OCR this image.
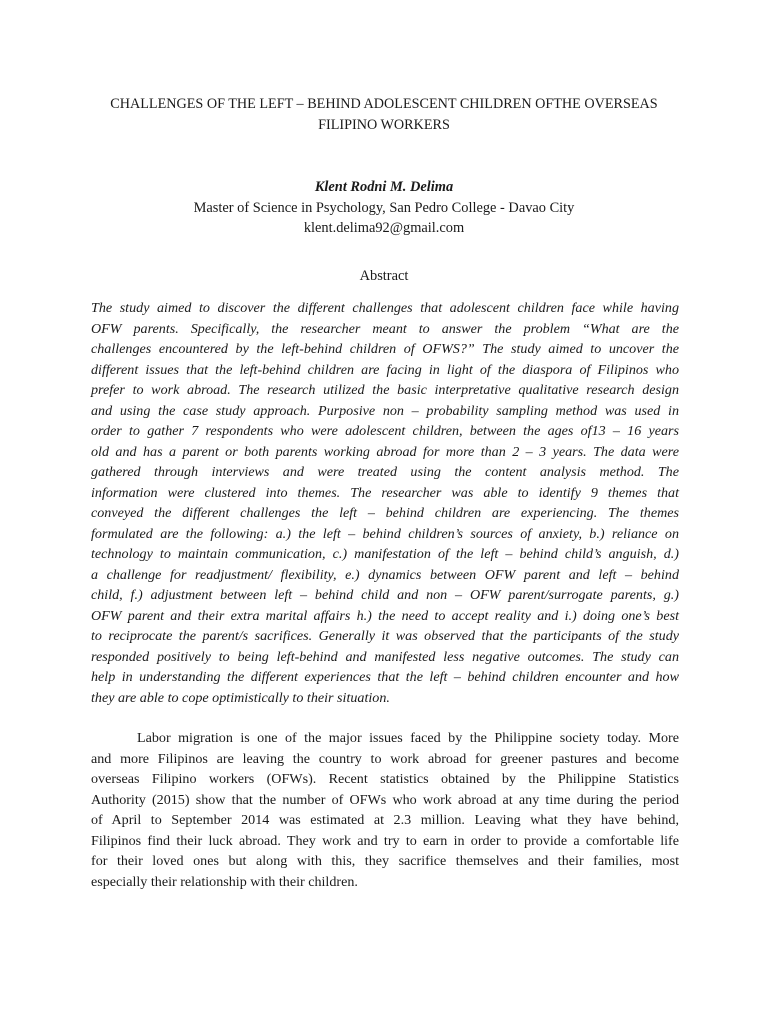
CHALLENGES OF THE LEFT – BEHIND ADOLESCENT CHILDREN OFTHE OVERSEAS
FILIPINO WORKERS
Klent Rodni M. Delima
Master of Science in Psychology, San Pedro College - Davao City
klent.delima92@gmail.com
Abstract
The study aimed to discover the different challenges that adolescent children face while having
OFW parents. Specifically, the researcher meant to answer the problem “What are the
challenges encountered by the left-behind children of OFWS?” The study aimed to uncover the
different issues that the left-behind children are facing in light of the diaspora of Filipinos who
prefer to work abroad. The research utilized the basic interpretative qualitative research design
and using the case study approach. Purposive non – probability sampling method was used in
order to gather 7 respondents who were adolescent children, between the ages of13 – 16 years
old and has a parent or both parents working abroad for more than 2 – 3 years. The data were
gathered through interviews and were treated using the content analysis method. The
information were clustered into themes. The researcher was able to identify 9 themes that
conveyed the different challenges the left – behind children are experiencing. The themes
formulated are the following: a.) the left – behind children’s sources of anxiety, b.) reliance on
technology to maintain communication, c.) manifestation of the left – behind child’s anguish, d.)
a challenge for readjustment/ flexibility, e.) dynamics between OFW parent and left – behind
child, f.) adjustment between left – behind child and non – OFW parent/surrogate parents, g.)
OFW parent and their extra marital affairs h.) the need to accept reality and i.) doing one’s best
to reciprocate the parent/s sacrifices. Generally it was observed that the participants of the study
responded positively to being left-behind and manifested less negative outcomes. The study can
help in understanding the different experiences that the left – behind children encounter and how
they are able to cope optimistically to their situation.
Labor migration is one of the major issues faced by the Philippine society today. More
and more Filipinos are leaving the country to work abroad for greener pastures and become
overseas Filipino workers (OFWs). Recent statistics obtained by the Philippine Statistics
Authority (2015) show that the number of OFWs who work abroad at any time during the period
of April to September 2014 was estimated at 2.3 million. Leaving what they have behind,
Filipinos find their luck abroad. They work and try to earn in order to provide a comfortable life
for their loved ones but along with this, they sacrifice themselves and their families, most
especially their relationship with their children.
